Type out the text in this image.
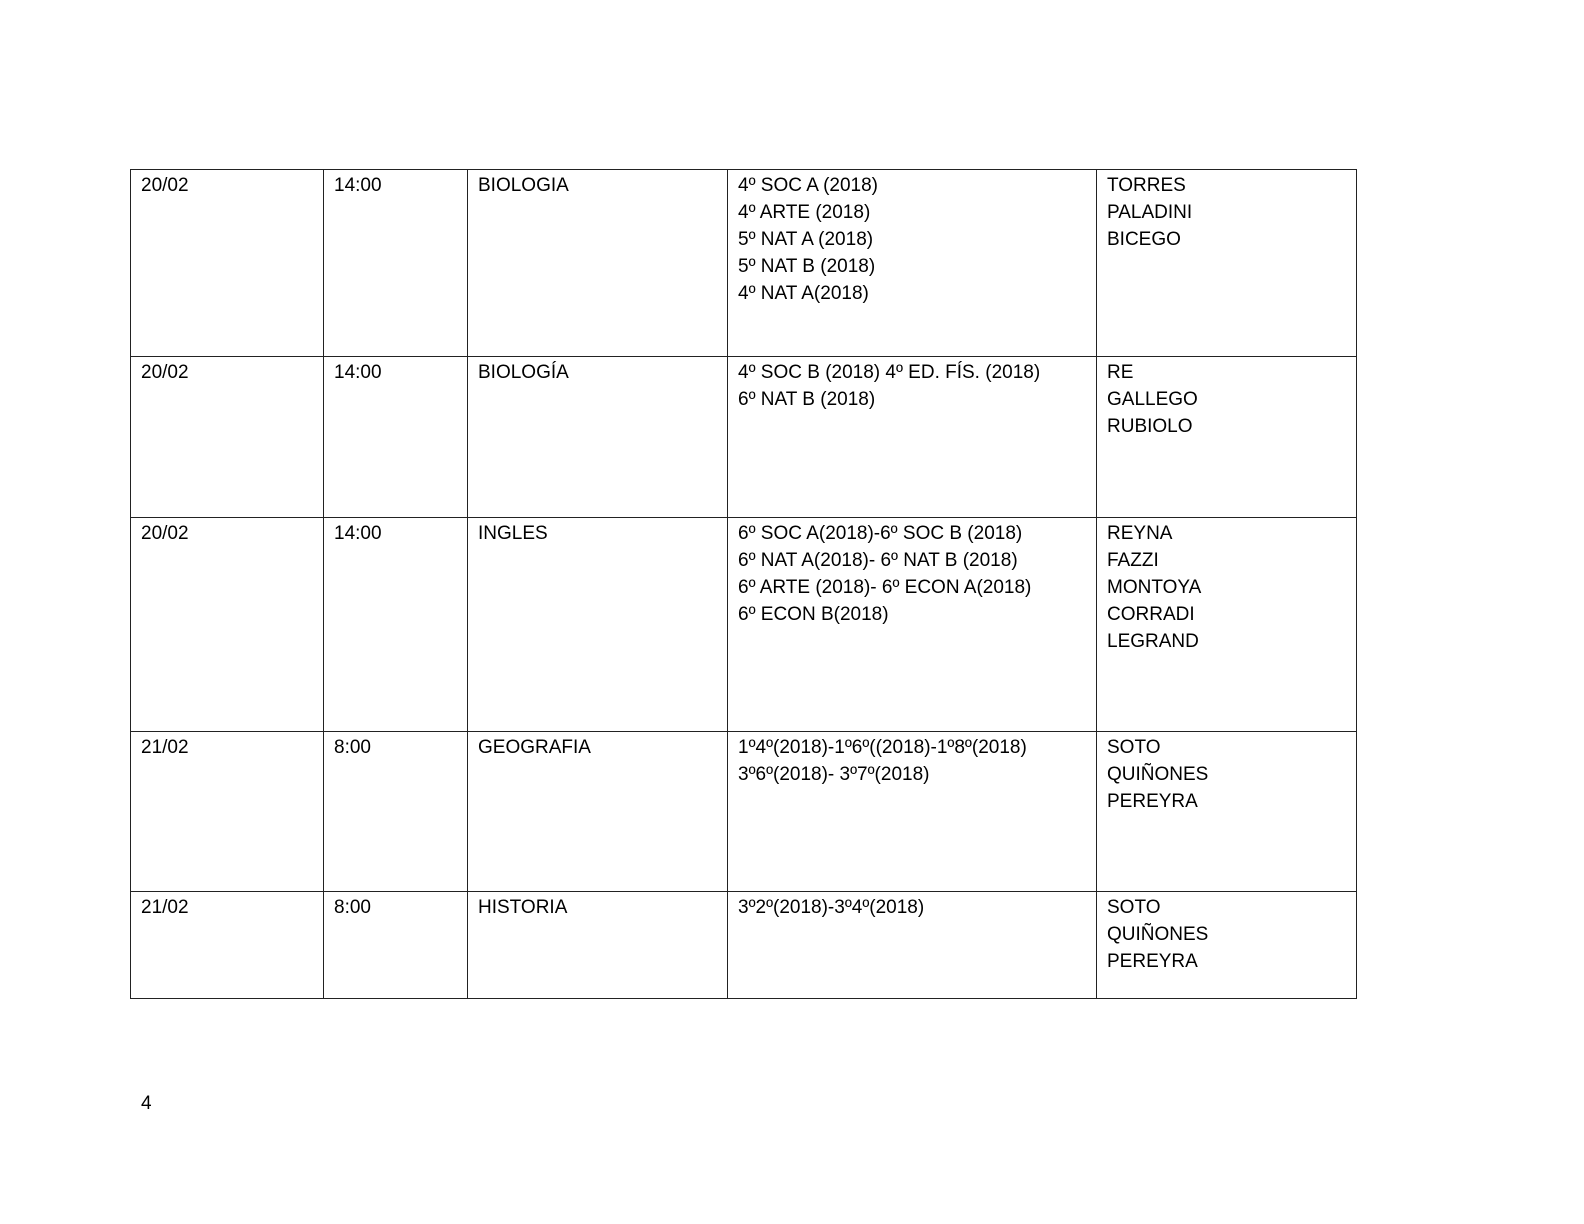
20/02	14:00	BIOLOGIA	4º SOC A (2018)
4º ARTE (2018)
5º NAT A (2018)
5º NAT B (2018)
4º NAT A(2018)	TORRES
PALADINI
BICEGO

20/02	14:00	BIOLOGÍA	4º SOC B (2018) 4º ED. FÍS. (2018)
6º NAT B (2018)	RE
GALLEGO
RUBIOLO

20/02	14:00	INGLES	6º SOC A(2018)-6º SOC B (2018)
6º NAT A(2018)- 6º NAT B (2018)
6º ARTE (2018)- 6º ECON A(2018)
6º ECON B(2018)	REYNA
FAZZI
MONTOYA
CORRADI
LEGRAND

21/02	8:00	GEOGRAFIA	1º4º(2018)-1º6º((2018)-1º8º(2018)
3º6º(2018)- 3º7º(2018)	SOTO
QUIÑONES
PEREYRA

21/02	8:00	HISTORIA	3º2º(2018)-3º4º(2018)	SOTO
QUIÑONES
PEREYRA
4
